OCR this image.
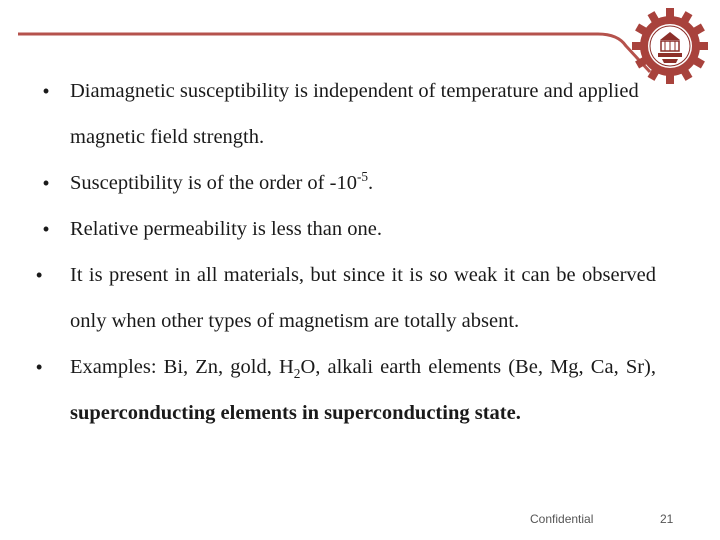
•	Diamagnetic susceptibility is independent of temperature and applied magnetic field strength.
•	Susceptibility is of the order of $-10^{-5}$.
•	Relative permeability is less than one.
•	It is present in all materials, but since it is so weak it can be observed only when other types of magnetism are totally absent.
•	Examples: Bi, Zn, gold, $H_2O$, alkali earth elements (Be, Mg, Ca, Sr), superconducting elements in superconducting state.
Confidential	21
